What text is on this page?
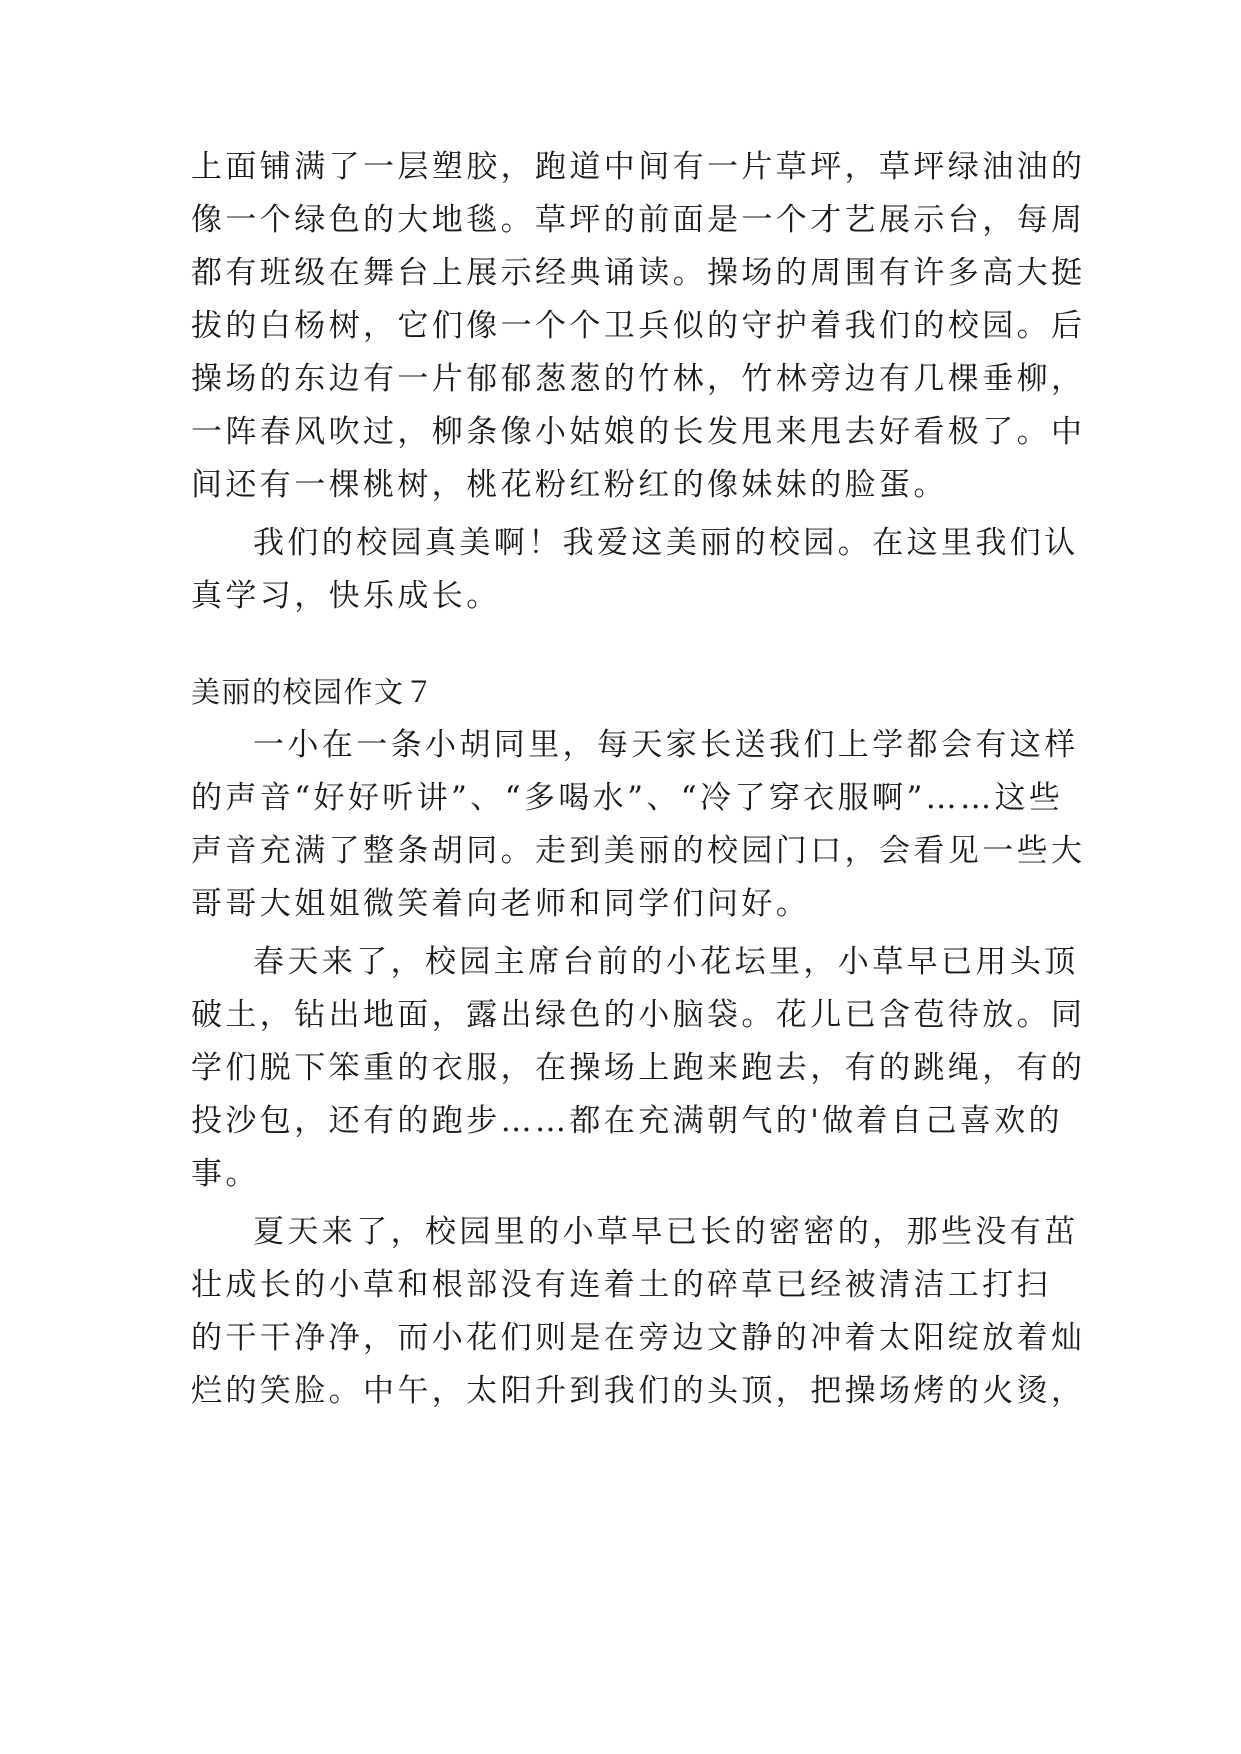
上面铺满了一层塑胶，跑道中间有一片草坪，草坪绿油油的
像一个绿色的大地毯。草坪的前面是一个才艺展示台，每周
都有班级在舞台上展示经典诵读。操场的周围有许多高大挺
拔的白杨树，它们像一个个卫兵似的守护着我们的校园。后
操场的东边有一片郁郁葱葱的竹林，竹林旁边有几棵垂柳，
一阵春风吹过，柳条像小姑娘的长发甩来甩去好看极了。中
间还有一棵桃树，桃花粉红粉红的像妹妹的脸蛋。
我们的校园真美啊！我爱这美丽的校园。在这里我们认
真学习，快乐成长。
美丽的校园作文７
一小在一条小胡同里，每天家长送我们上学都会有这样
的声音“好好听讲”、“多喝水”、“冷了穿衣服啊”……这些
声音充满了整条胡同。走到美丽的校园门口，会看见一些大
哥哥大姐姐微笑着向老师和同学们问好。
春天来了，校园主席台前的小花坛里，小草早已用头顶
破土，钻出地面，露出绿色的小脑袋。花儿已含苞待放。同
学们脱下笨重的衣服，在操场上跑来跑去，有的跳绳，有的
投沙包，还有的跑步……都在充满朝气的'做着自己喜欢的
事。
夏天来了，校园里的小草早已长的密密的，那些没有茁
壮成长的小草和根部没有连着土的碎草已经被清洁工打扫
的干干净净，而小花们则是在旁边文静的冲着太阳绽放着灿
烂的笑脸。中午，太阳升到我们的头顶，把操场烤的火烫，
